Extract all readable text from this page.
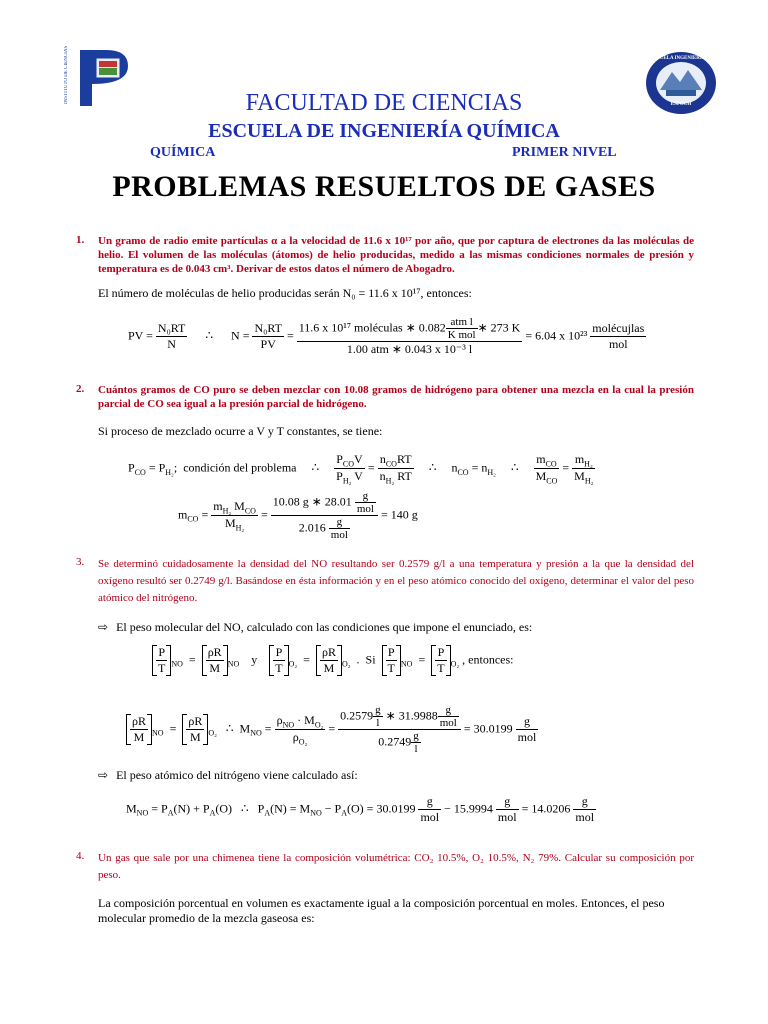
INSTITUTO DE CIENCIAS	ESCUELA INGENIERÍA QUÍMICA
ESPOCH
FACULTAD DE CIENCIAS
ESCUELA DE INGENIERÍA QUÍMICA
QUÍMICA	PRIMER NIVEL
PROBLEMAS RESUELTOS DE GASES
1. Un gramo de radio emite partículas α a la velocidad de 11.6 x 10¹⁷ por año, que por captura de electrones da las moléculas de helio. El volumen de las moléculas (átomos) de helio producidas, medido a las mismas condiciones normales de presión y temperatura es de 0.043 cm³. Derivar de estos datos el número de Abogadro.
El número de moléculas de helio producidas serán N₀ = 11.6 x 10¹⁷, entonces:
PV = $\frac{\text{N₀RT}}{N}$ ∴ $N = \frac{\text{N₀RT}}{PV} = \frac{11.6 x 10^{17} moléculas ∗ 0.082 \frac{\text{atm l}}{\text{K mol}} ∗ 273 K}{\text{1.00 atm ∗ 0.043 x 10⁻³ l}} = 6.04$ x $10^{23} \frac{\text{molécujlas}}{\text{mol}}$
2. Cuántos gramos de CO puro se deben mezclar con 10.08 gramos de hidrógeno para obtener una mezcla en la cual la presión parcial de CO sea igual a la presión parcial de hidrógeno.
Si proceso de mezclado ocurre a V y T constantes, se tiene:
$P_{CO} = P_{H_2}$;  condición del problema     ∴ $\frac{P_{CO}V}{P_{H_2} V} = \frac{n_{CO}RT}{n_{H_2} RT}$ ∴     $n_{CO} = n_{H_2}$     ∴ $\frac{m_{CO}}{M_{CO}} = \frac{m_{H_2}}{M_{H_2}}$
$m_{CO} = \frac{m_{H_2} M_{CO}}{M_{H_2}} = \frac{10.08 g ∗ 28.01 \frac{g}{\text{mol}}}{2.016 \frac{g}{\text{mol}}} = 140$ g
3. Se determinó cuidadosamente la densidad del NO resultando ser 0.2579 g/l a una temperatura y presión a la que la densidad del oxígeno resultó ser 0.2749 g/l. Basándose en ésta información y en el peso atómico conocido del oxígeno, determinar el valor del peso atómico del nitrógeno.
⇨ El peso molecular del NO, calculado con las condiciones que impone el enunciado, es:
$\frac{P}{T} _{NO} = \frac{\rho R}{M} _{NO}$ y $\frac{P}{T} _{O_2} = \frac{\rho R}{M} _{O_2}$  .  Si $\frac{P}{T} _{NO} = \frac{P}{T} _{O_2}$ , entonces:
$\frac{\rho R}{M} _{NO} = \frac{\rho R}{M} _{O_2}$   ∴  $M_{NO} = \frac{\rho_{NO} \cdot M_{O_2}}{\rho_{O_2}} = \frac{0.2579 \frac{g}{l} ∗ 31.9988 \frac{g}{\text{mol}}}{0.2749 \frac{g}{l}} = 30.0199 \frac{g}{\text{mol}}$
⇨ El peso atómico del nitrógeno viene calculado así:
$M_{NO} = P_A(N) + P_A(O)$   ∴   $P_A(N) = M_{NO} - P_A(O) = 30.0199 \frac{g}{\text{mol}} - 15.9994 \frac{g}{\text{mol}} = 14.0206 \frac{g}{\text{mol}}$
4. Un gas que sale por una chimenea tiene la composición volumétrica: CO₂ 10.5%, O₂ 10.5%, N₂ 79%. Calcular su composición por peso.
La composición porcentual en volumen es exactamente igual a la composición porcentual en moles. Entonces, el peso molecular promedio de la mezcla gaseosa es:
